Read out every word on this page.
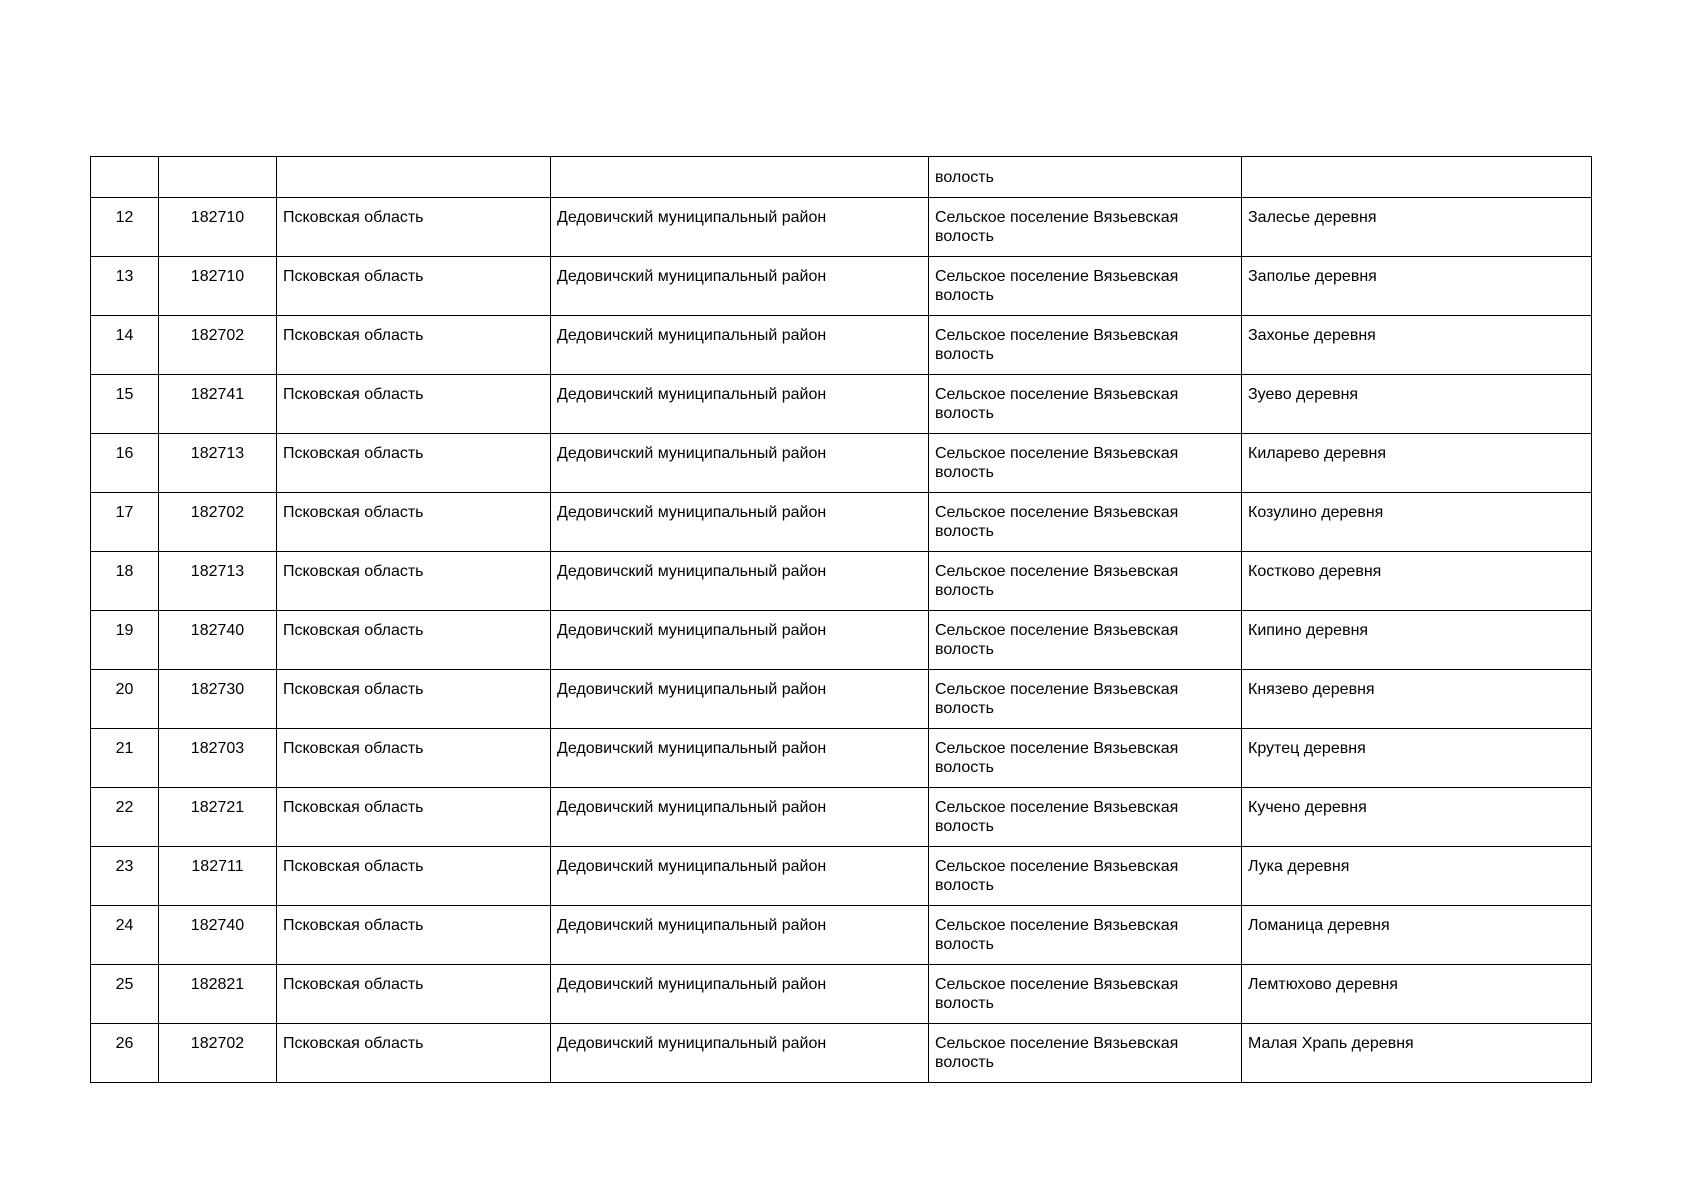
				волость	
12	182710	Псковская область	Дедовичский муниципальный район	Сельское поселение Вязьевская волость	Залесье деревня
13	182710	Псковская область	Дедовичский муниципальный район	Сельское поселение Вязьевская волость	Заполье деревня
14	182702	Псковская область	Дедовичский муниципальный район	Сельское поселение Вязьевская волость	Захонье деревня
15	182741	Псковская область	Дедовичский муниципальный район	Сельское поселение Вязьевская волость	Зуево деревня
16	182713	Псковская область	Дедовичский муниципальный район	Сельское поселение Вязьевская волость	Киларево деревня
17	182702	Псковская область	Дедовичский муниципальный район	Сельское поселение Вязьевская волость	Козулино деревня
18	182713	Псковская область	Дедовичский муниципальный район	Сельское поселение Вязьевская волость	Костково деревня
19	182740	Псковская область	Дедовичский муниципальный район	Сельское поселение Вязьевская волость	Кипино деревня
20	182730	Псковская область	Дедовичский муниципальный район	Сельское поселение Вязьевская волость	Князево деревня
21	182703	Псковская область	Дедовичский муниципальный район	Сельское поселение Вязьевская волость	Крутец деревня
22	182721	Псковская область	Дедовичский муниципальный район	Сельское поселение Вязьевская волость	Кучено деревня
23	182711	Псковская область	Дедовичский муниципальный район	Сельское поселение Вязьевская волость	Лука деревня
24	182740	Псковская область	Дедовичский муниципальный район	Сельское поселение Вязьевская волость	Ломаница деревня
25	182821	Псковская область	Дедовичский муниципальный район	Сельское поселение Вязьевская волость	Лемтюхово деревня
26	182702	Псковская область	Дедовичский муниципальный район	Сельское поселение Вязьевская волость	Малая Храпь деревня
